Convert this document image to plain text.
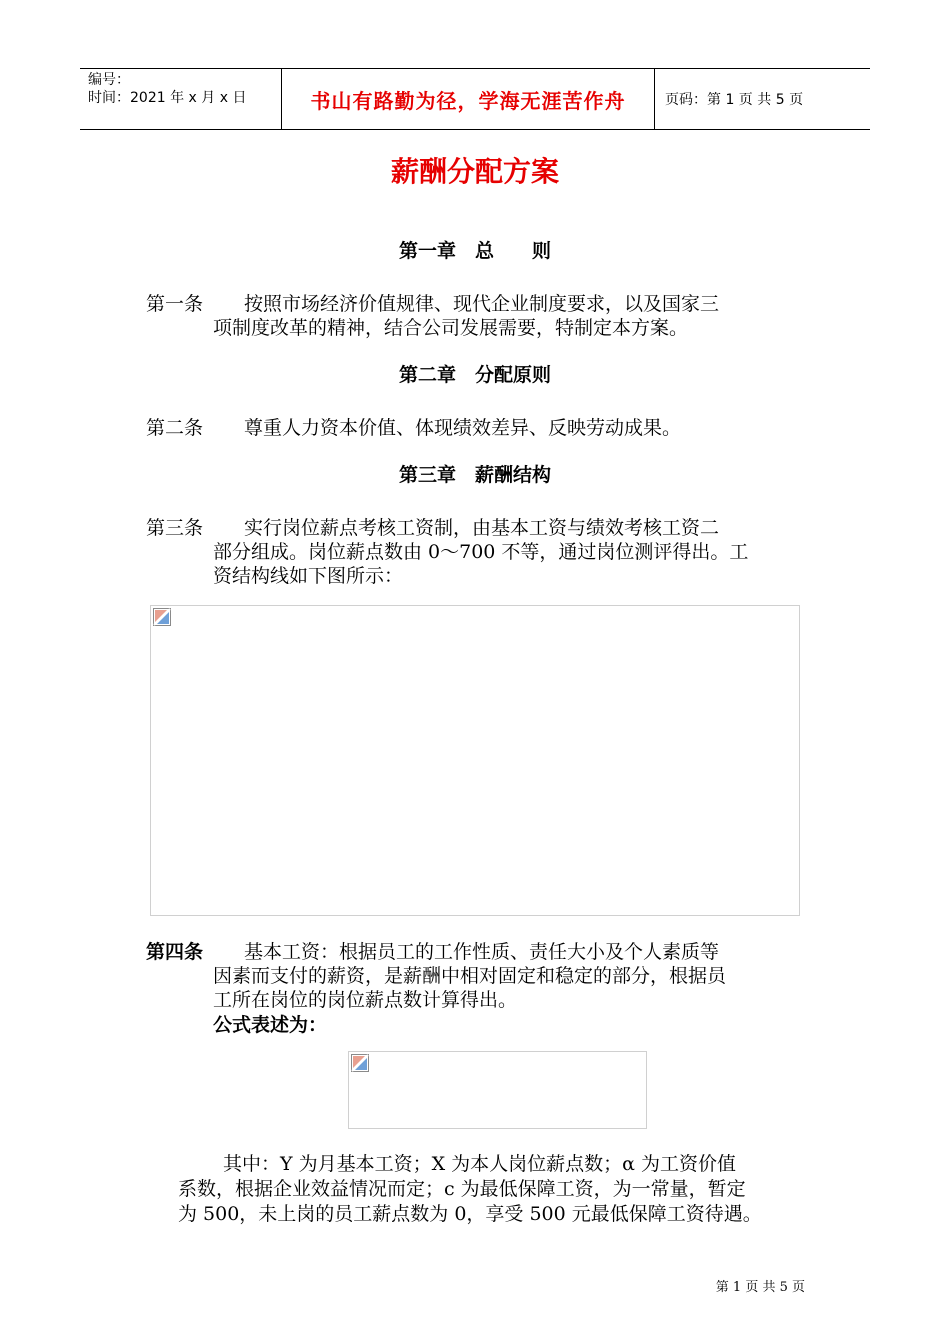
编号：
时间：2021 年 x 月 x 日	书山有路勤为径，学海无涯苦作舟	页码：第 1 页 共 5 页
薪酬分配方案
第一章　总　　则
第一条 按照市场经济价值规律、现代企业制度要求，以及国家三
项制度改革的精神，结合公司发展需要，特制定本方案。
第二章　分配原则
第二条 尊重人力资本价值、体现绩效差异、反映劳动成果。
第三章　薪酬结构
第三条 实行岗位薪点考核工资制，由基本工资与绩效考核工资二
部分组成。岗位薪点数由 0～700 不等，通过岗位测评得出。工
资结构线如下图所示：
第四条 基本工资：根据员工的工作性质、责任大小及个人素质等
因素而支付的薪资，是薪酬中相对固定和稳定的部分，根据员
工所在岗位的岗位薪点数计算得出。
公式表述为：
其中：Y 为月基本工资；X 为本人岗位薪点数；α 为工资价值
系数，根据企业效益情况而定；c 为最低保障工资，为一常量，暂定
为 500，未上岗的员工薪点数为 0，享受 500 元最低保障工资待遇。
第 1 页 共 5 页
